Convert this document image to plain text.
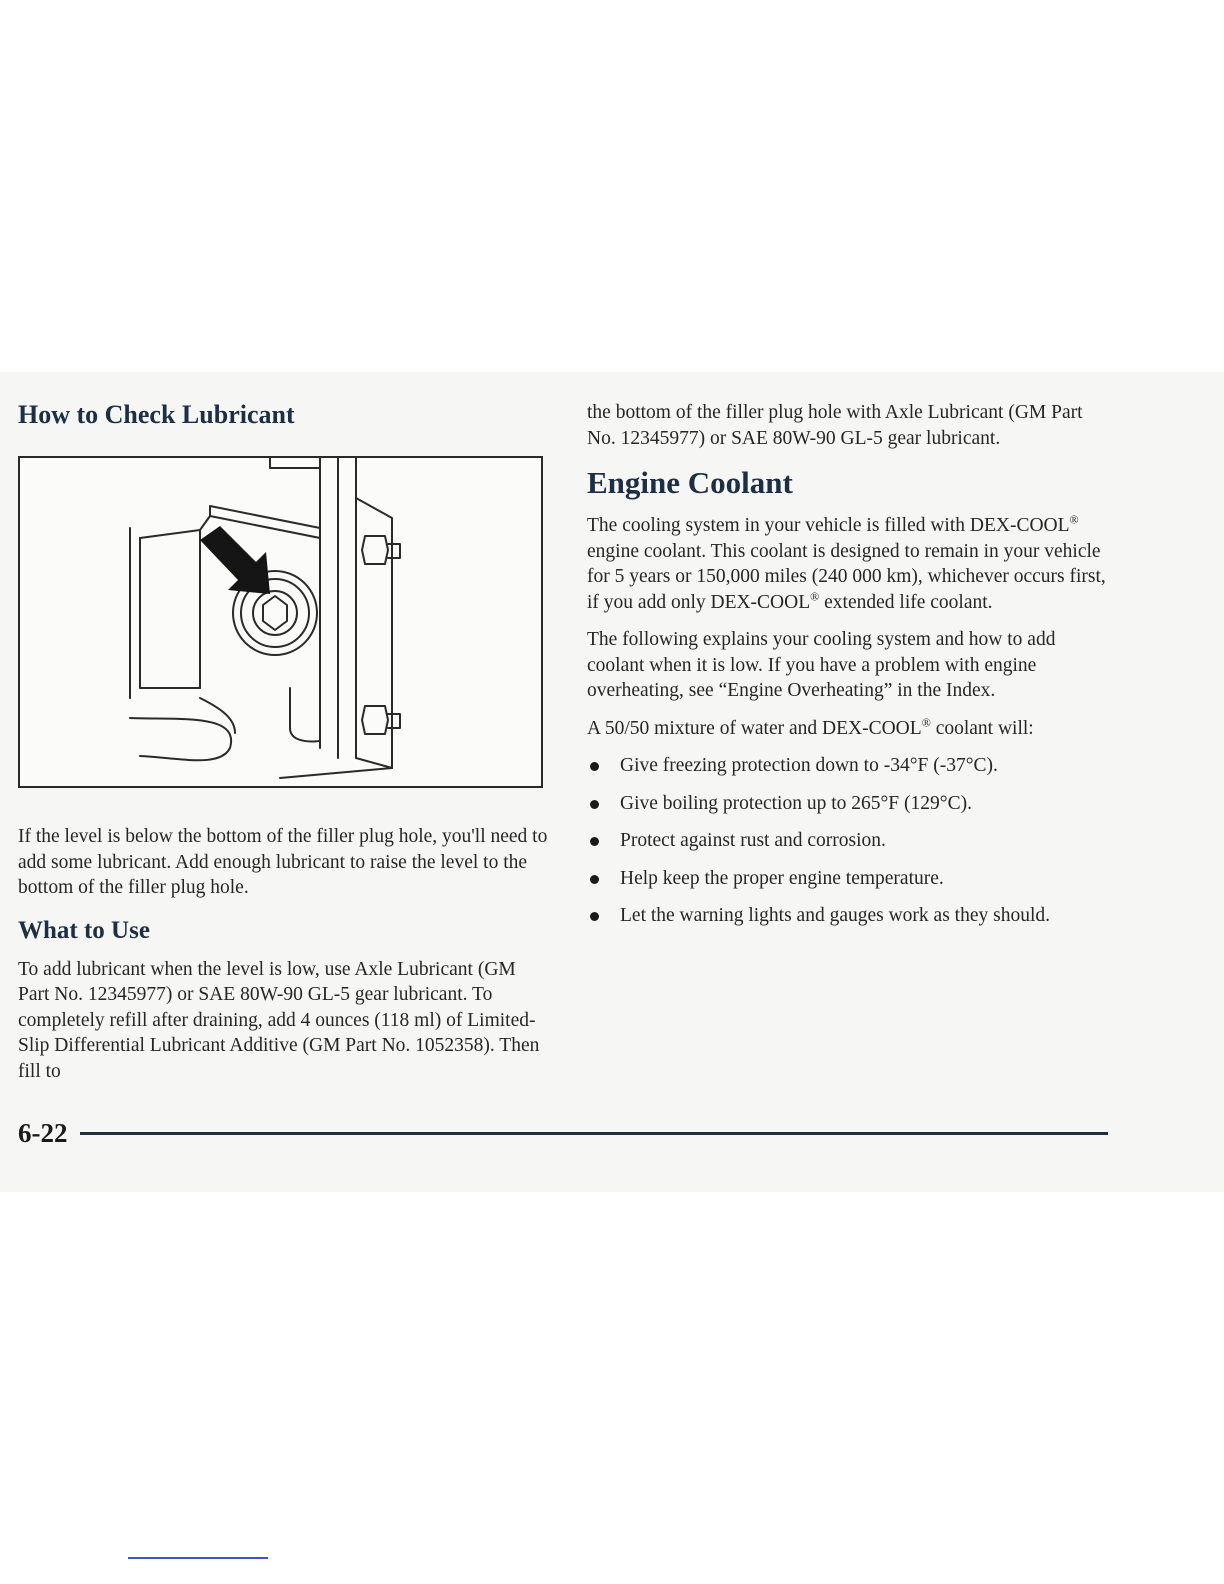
How to Check Lubricant

If the level is below the bottom of the filler plug hole, you'll need to add some lubricant. Add enough lubricant to raise the level to the bottom of the filler plug hole.

What to Use

To add lubricant when the level is low, use Axle Lubricant (GM Part No. 12345977) or SAE 80W-90 GL-5 gear lubricant. To completely refill after draining, add 4 ounces (118 ml) of Limited-Slip Differential Lubricant Additive (GM Part No. 1052358). Then fill to

the bottom of the filler plug hole with Axle Lubricant (GM Part No. 12345977) or SAE 80W-90 GL-5 gear lubricant.

Engine Coolant

The cooling system in your vehicle is filled with DEX-COOL® engine coolant. This coolant is designed to remain in your vehicle for 5 years or 150,000 miles (240 000 km), whichever occurs first, if you add only DEX-COOL® extended life coolant.

The following explains your cooling system and how to add coolant when it is low. If you have a problem with engine overheating, see “Engine Overheating” in the Index.

A 50/50 mixture of water and DEX-COOL® coolant will:

Give freezing protection down to -34°F (-37°C).
Give boiling protection up to 265°F (129°C).
Protect against rust and corrosion.
Help keep the proper engine temperature.
Let the warning lights and gauges work as they should.
6-22
